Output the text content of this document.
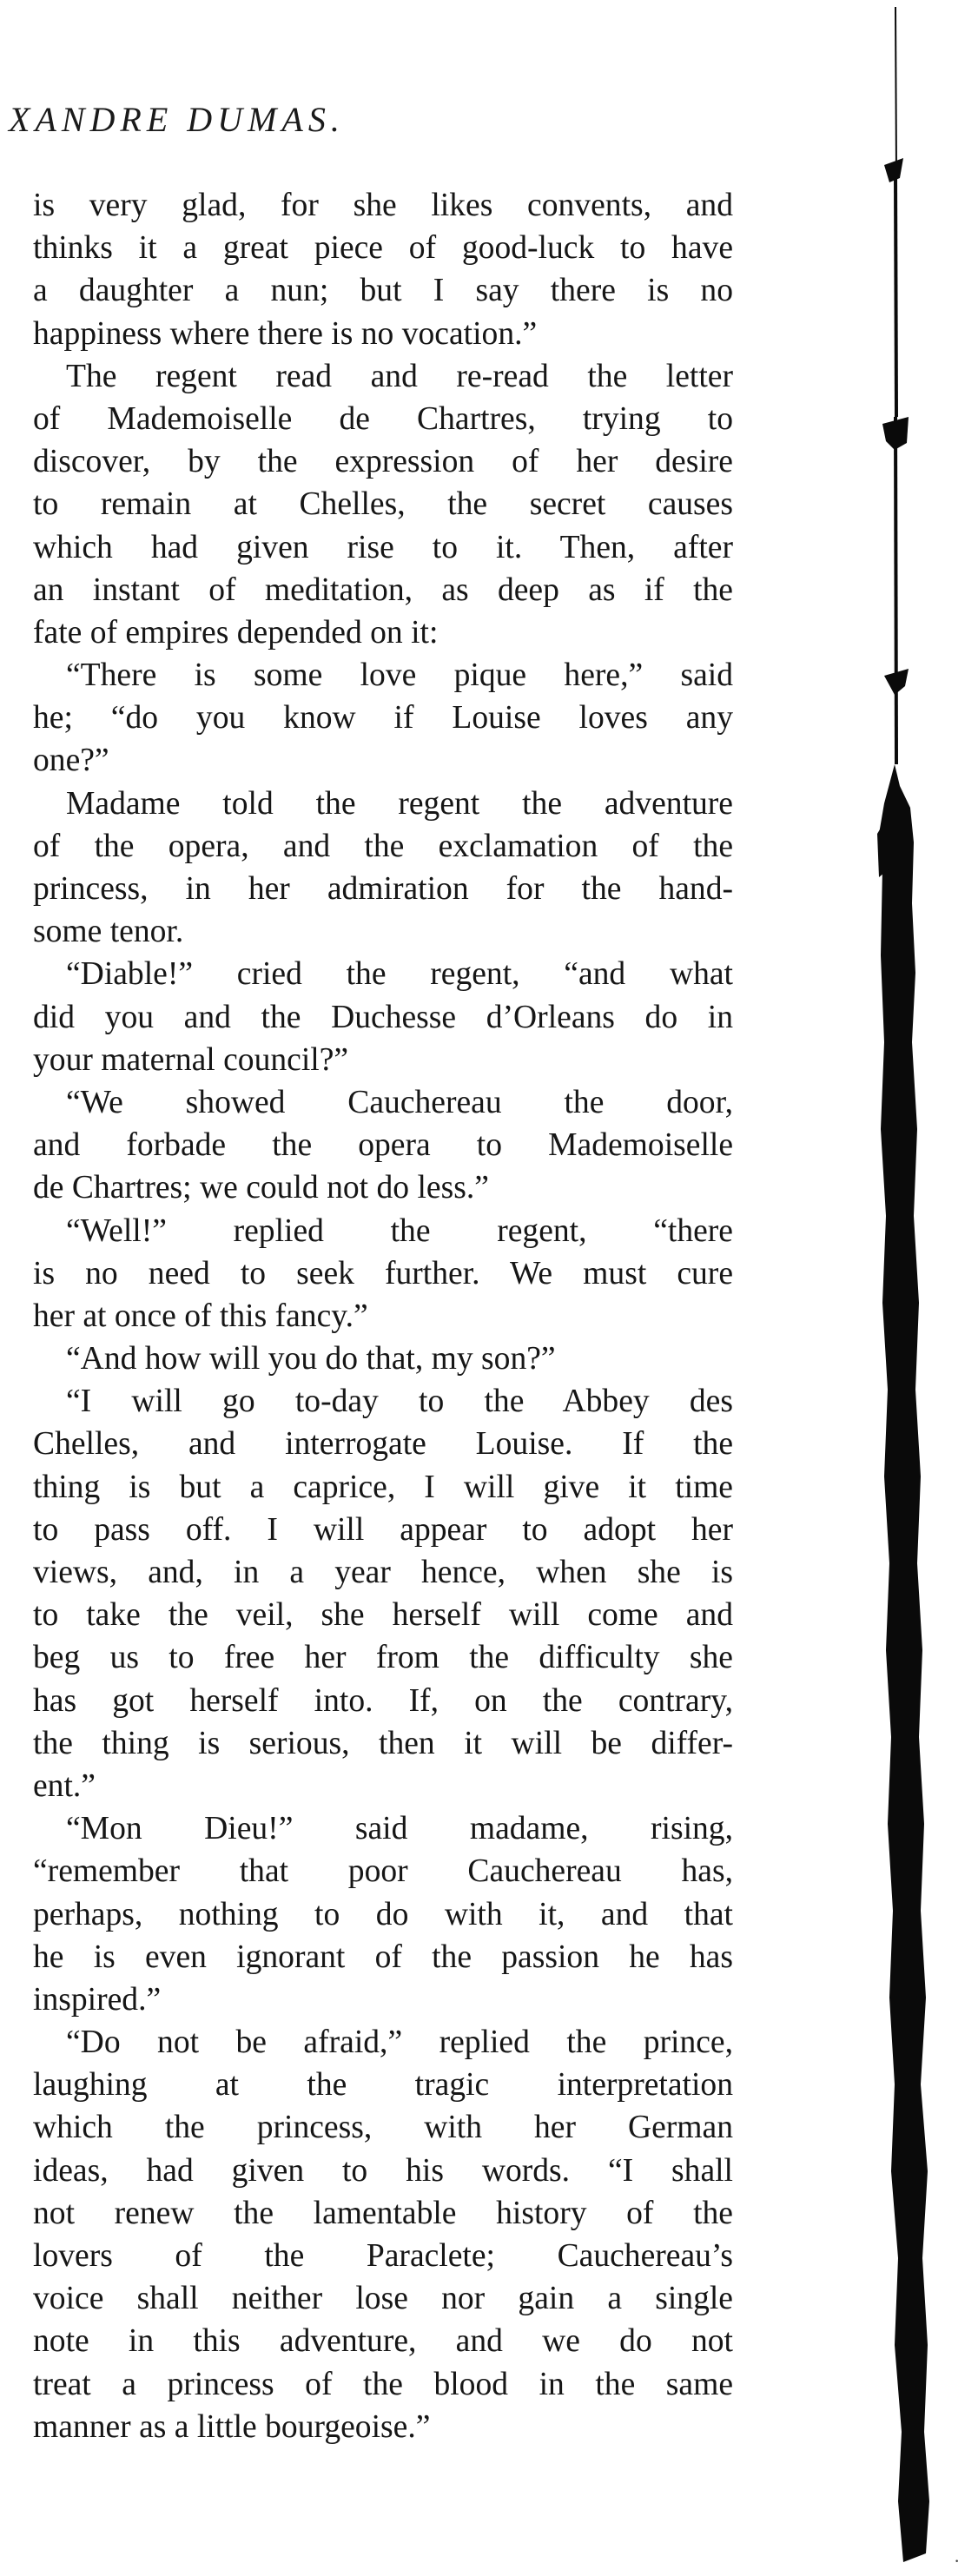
XANDRE DUMAS.
is very glad, for she likes convents, and
thinks it a great piece of good-luck to have
a daughter a nun; but I say there is no
happiness where there is no vocation.”
The regent read and re-read the letter
of Mademoiselle de Chartres, trying to
discover, by the expression of her desire
to remain at Chelles, the secret causes
which had given rise to it. Then, after
an instant of meditation, as deep as if the
fate of empires depended on it:
“There is some love pique here,” said
he; “do you know if Louise loves any
one?”
Madame told the regent the adventure
of the opera, and the exclamation of the
princess, in her admiration for the hand-
some tenor.
“Diable!” cried the regent, “and what
did you and the Duchesse d’Orleans do in
your maternal council?”
“We showed Cauchereau the door,
and forbade the opera to Mademoiselle
de Chartres; we could not do less.”
“Well!” replied the regent, “there
is no need to seek further. We must cure
her at once of this fancy.”
“And how will you do that, my son?”
“I will go to-day to the Abbey des
Chelles, and interrogate Louise. If the
thing is but a caprice, I will give it time
to pass off. I will appear to adopt her
views, and, in a year hence, when she is
to take the veil, she herself will come and
beg us to free her from the difficulty she
has got herself into. If, on the contrary,
the thing is serious, then it will be differ-
ent.”
“Mon Dieu!” said madame, rising,
“remember that poor Cauchereau has,
perhaps, nothing to do with it, and that
he is even ignorant of the passion he has
inspired.”
“Do not be afraid,” replied the prince,
laughing at the tragic interpretation
which the princess, with her German
ideas, had given to his words. “I shall
not renew the lamentable history of the
lovers of the Paraclete; Cauchereau’s
voice shall neither lose nor gain a single
note in this adventure, and we do not
treat a princess of the blood in the same
manner as a little bourgeoise.”
·
